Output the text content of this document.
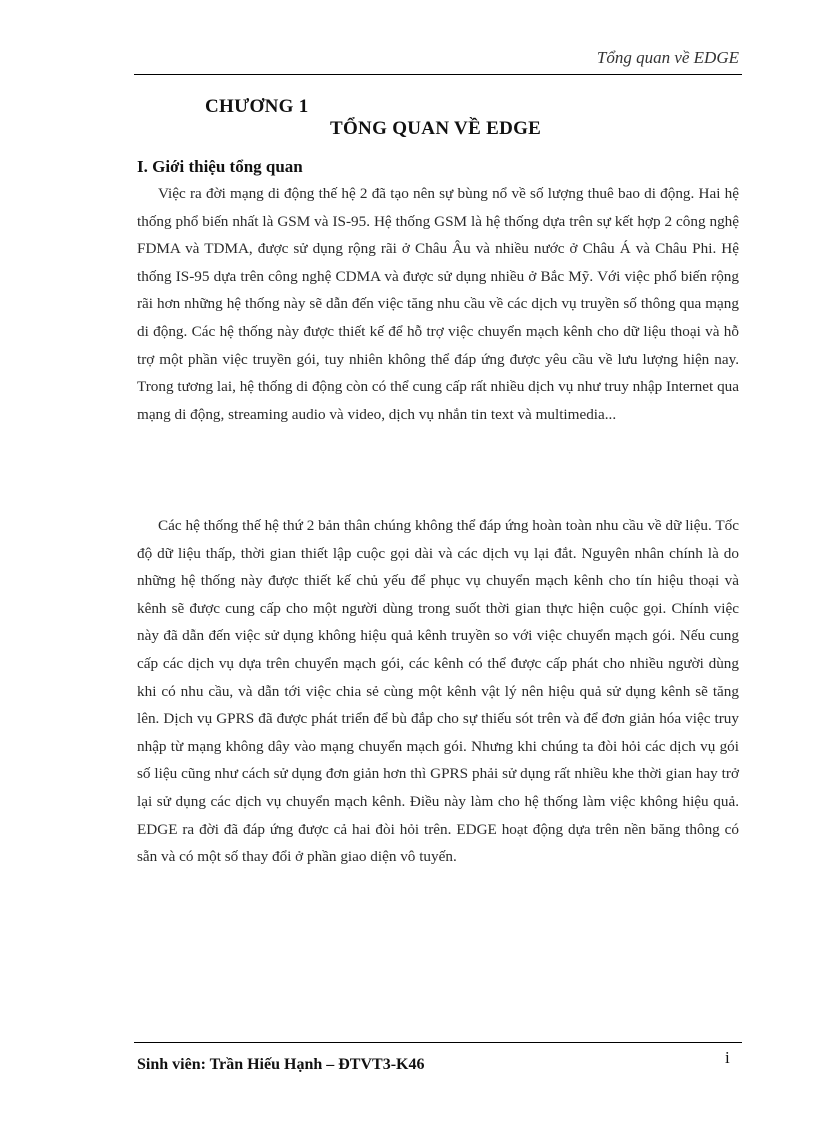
Tổng quan về EDGE
CHƯƠNG 1
TỔNG QUAN VỀ EDGE
I. Giới thiệu tổng quan

Việc ra đời mạng di động thế hệ 2 đã tạo nên sự bùng nổ về số lượng thuê bao di động. Hai hệ thống phổ biến nhất là GSM và IS-95. Hệ thống GSM là hệ thống dựa trên sự kết hợp 2 công nghệ FDMA và TDMA, được sử dụng rộng rãi ở Châu Âu và nhiều nước ở Châu Á và Châu Phi. Hệ thống IS-95 dựa trên công nghệ CDMA và được sử dụng nhiều ở Bắc Mỹ. Với việc phổ biến rộng rãi hơn những hệ thống này sẽ dẫn đến việc tăng nhu cầu về các dịch vụ truyền số thông qua mạng di động. Các hệ thống này được thiết kế để hỗ trợ việc chuyển mạch kênh cho dữ liệu thoại và hỗ trợ một phần việc truyền gói, tuy nhiên không thể đáp ứng được yêu cầu về lưu lượng hiện nay. Trong tương lai, hệ thống di động còn có thể cung cấp rất nhiều dịch vụ như truy nhập Internet qua mạng di động, streaming audio và video, dịch vụ nhắn tin text và multimedia...

Các hệ thống thế hệ thứ 2 bản thân chúng không thể đáp ứng hoàn toàn nhu cầu về dữ liệu. Tốc độ dữ liệu thấp, thời gian thiết lập cuộc gọi dài và các dịch vụ lại đắt. Nguyên nhân chính là do những hệ thống này được thiết kế chủ yếu để phục vụ chuyển mạch kênh cho tín hiệu thoại và kênh sẽ được cung cấp cho một người dùng trong suốt thời gian thực hiện cuộc gọi. Chính việc này đã dẫn đến việc sử dụng không hiệu quả kênh truyền so với việc chuyển mạch gói. Nếu cung cấp các dịch vụ dựa trên chuyển mạch gói, các kênh có thể được cấp phát cho nhiều người dùng khi có nhu cầu, và dẫn tới việc chia sẻ cùng một kênh vật lý nên hiệu quả sử dụng kênh sẽ tăng lên. Dịch vụ GPRS đã được phát triển để bù đắp cho sự thiếu sót trên và để đơn giản hóa việc truy nhập từ mạng không dây vào mạng chuyển mạch gói. Nhưng khi chúng ta đòi hỏi các dịch vụ gói số liệu cũng như cách sử dụng đơn giản hơn thì GPRS phải sử dụng rất nhiều khe thời gian hay trở lại sử dụng các dịch vụ chuyển mạch kênh. Điều này làm cho hệ thống làm việc không hiệu quả. EDGE ra đời đã đáp ứng được cả hai đòi hỏi trên. EDGE hoạt động dựa trên nền băng thông có sẵn và có một số thay đổi ở phần giao diện vô tuyến.

Sinh viên: Trần Hiếu Hạnh – ĐTVT3-K46	i
